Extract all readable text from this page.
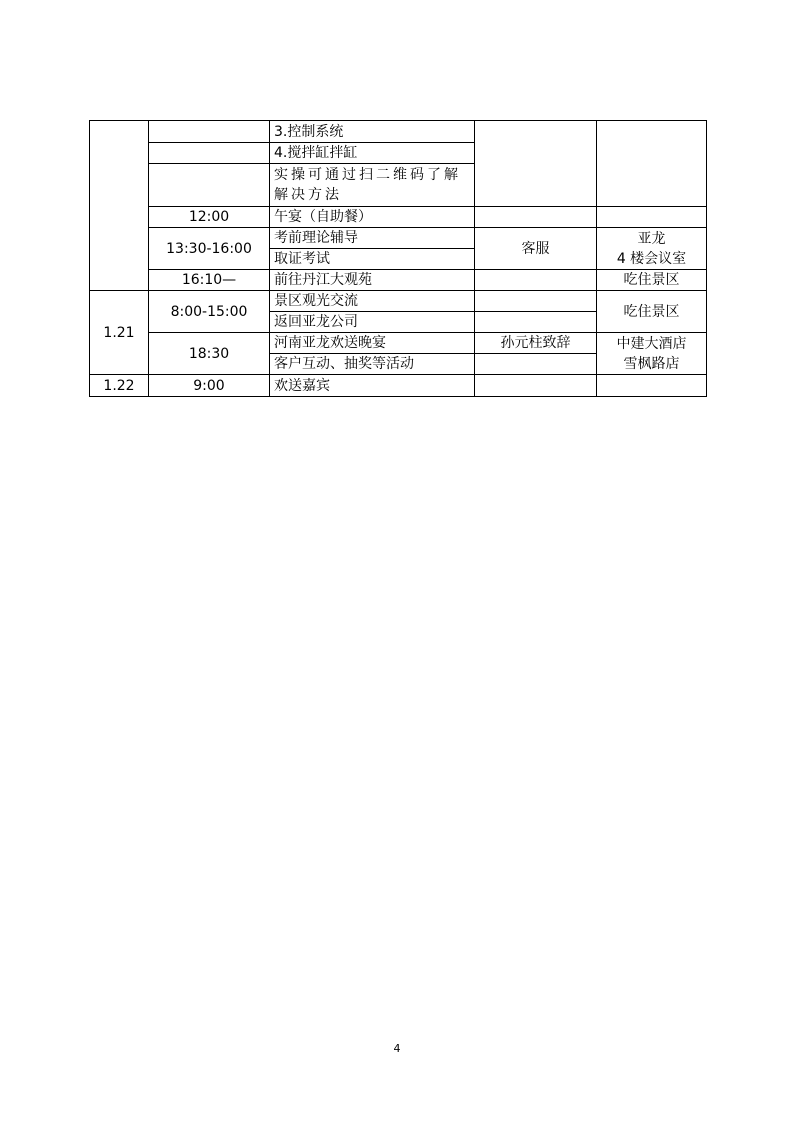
		3.控制系统		
		4.搅拌缸拌缸		
		实操可通过扫二维码了解解决方法		
	12:00	午宴（自助餐）		
	13:30-16:00	考前理论辅导	客服	亚龙
4 楼会议室

		取证考试		
	16:10—	前往丹江大观苑		吃住景区
1.21	8:00-15:00	景区观光交流		吃住景区
		返回亚龙公司		
	18:30	河南亚龙欢送晚宴	孙元柱致辞	中建大酒店
雪枫路店

		客户互动、抽奖等活动		
1.22	9:00	欢送嘉宾		
4
